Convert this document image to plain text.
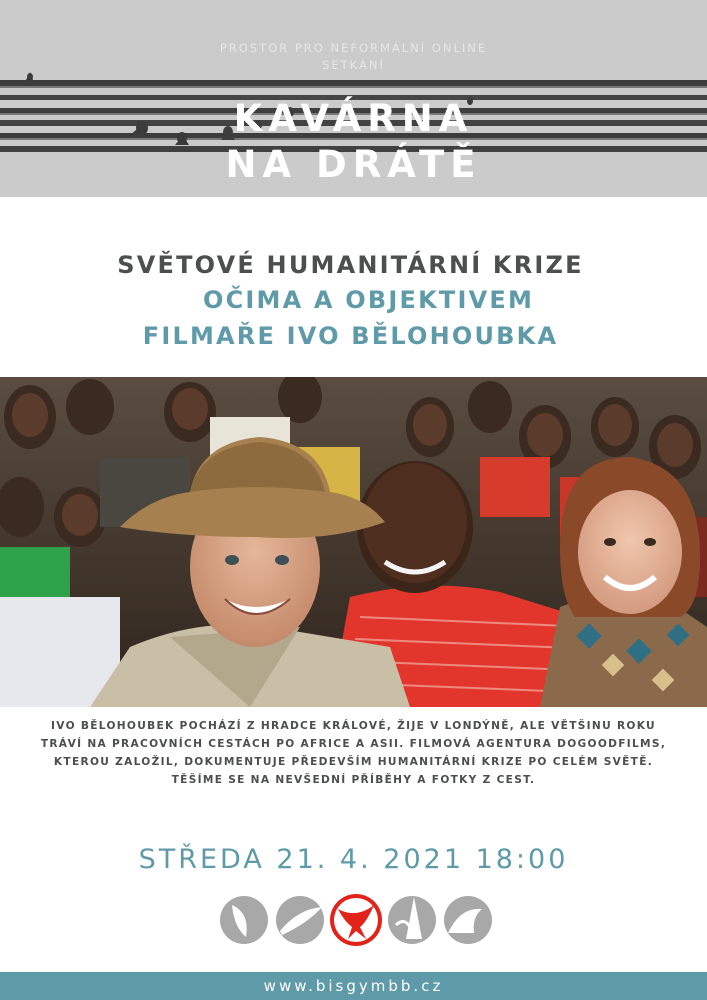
PROSTOR PRO NEFORMÁLNÍ ONLINE
SETKÁNÍ
KAVÁRNA
NA DRÁTĚ
SVĚTOVÉ HUMANITÁRNÍ KRIZE
OČIMA A OBJEKTIVEM
FILMAŘE IVO BĚLOHOUBKA
IVO BĚLOHOUBEK POCHÁZÍ Z HRADCE KRÁLOVÉ, ŽIJE V LONDÝNĚ, ALE VĚTŠINU ROKU
TRÁVÍ NA PRACOVNÍCH CESTÁCH PO AFRICE A ASII. FILMOVÁ AGENTURA DOGOODFILMS,
KTEROU ZALOŽIL, DOKUMENTUJE PŘEDEVŠÍM HUMANITÁRNÍ KRIZE PO CELÉM SVĚTĚ.
TĚŠÍME SE NA NEVŠEDNÍ PŘÍBĚHY A FOTKY Z CEST.
STŘEDA 21. 4. 2021 18:00
www.bisgymbb.cz
